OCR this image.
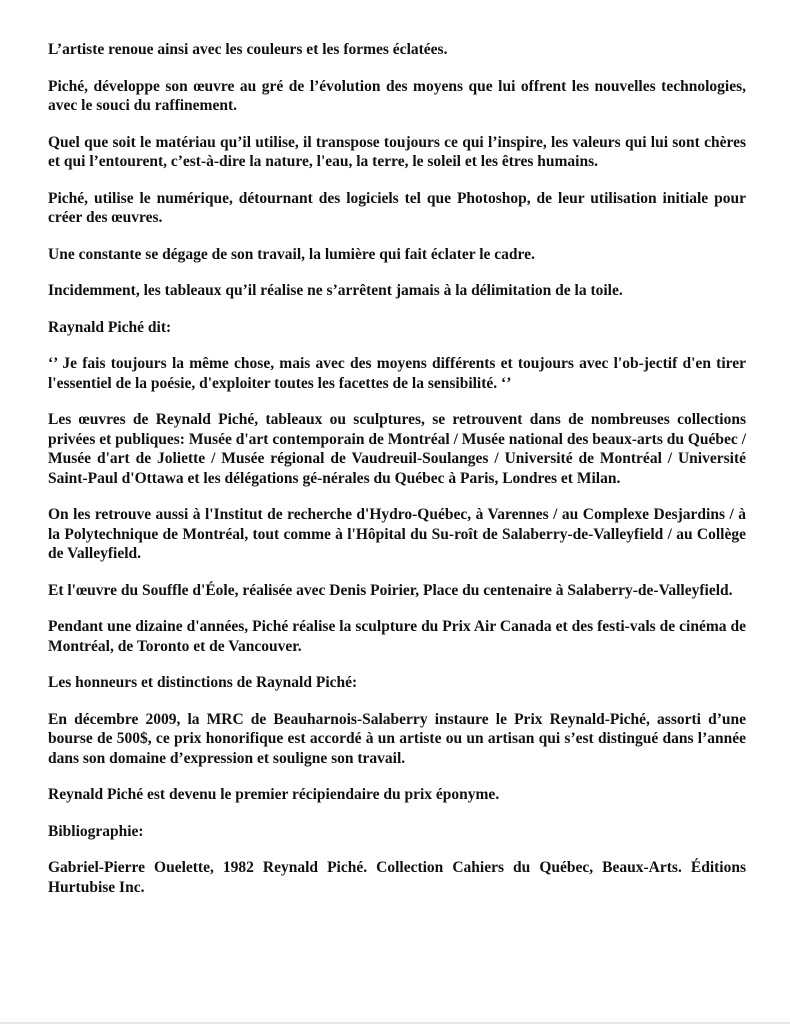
L’artiste renoue ainsi avec les couleurs et les formes éclatées.

Piché, développe son œuvre au gré de l’évolution des moyens que lui offrent les nouvelles technologies, avec le souci du raffinement.

Quel que soit le matériau qu’il utilise, il transpose toujours ce qui l’inspire, les valeurs qui lui sont chères et qui l’entourent, c’est-à-dire la nature, l'eau, la terre, le soleil et les êtres humains.

Piché, utilise le numérique, détournant des logiciels tel que Photoshop, de leur utilisation initiale pour créer des œuvres.

Une constante se dégage de son travail, la lumière qui fait éclater le cadre.

Incidemment, les tableaux qu’il réalise ne s’arrêtent jamais à la délimitation de la toile.

Raynald Piché dit:

‘’ Je fais toujours la même chose, mais avec des moyens différents et toujours avec l'ob-jectif d'en tirer l'essentiel de la poésie, d'exploiter toutes les facettes de la sensibilité. ‘’

Les œuvres de Reynald Piché, tableaux ou sculptures, se retrouvent dans de nombreuses collections privées et publiques: Musée d'art contemporain de Montréal / Musée national des beaux-arts du Québec / Musée d'art de Joliette / Musée régional de Vaudreuil-Soulanges / Université de Montréal / Université Saint-Paul d'Ottawa et les délégations gé-nérales du Québec à Paris, Londres et Milan.

On les retrouve aussi à l'Institut de recherche d'Hydro-Québec, à Varennes / au Complexe Desjardins / à la Polytechnique de Montréal, tout comme à l'Hôpital du Su-roît de Salaberry-de-Valleyfield / au Collège de Valleyfield.

Et l'œuvre du Souffle d'Éole, réalisée avec Denis Poirier, Place du centenaire à Salaberry-de-Valleyfield.

Pendant une dizaine d'années, Piché réalise la sculpture du Prix Air Canada et des festi-vals de cinéma de Montréal, de Toronto et de Vancouver.

Les honneurs et distinctions de Raynald Piché:

En décembre 2009, la MRC de Beauharnois-Salaberry instaure le Prix Reynald-Piché, assorti d’une bourse de 500$, ce prix honorifique est accordé à un artiste ou un artisan qui s’est distingué dans l’année dans son domaine d’expression et souligne son travail.

Reynald Piché est devenu le premier récipiendaire du prix éponyme.

Bibliographie:

Gabriel-Pierre Ouelette, 1982 Reynald Piché. Collection Cahiers du Québec, Beaux-Arts. Éditions Hurtubise Inc.
